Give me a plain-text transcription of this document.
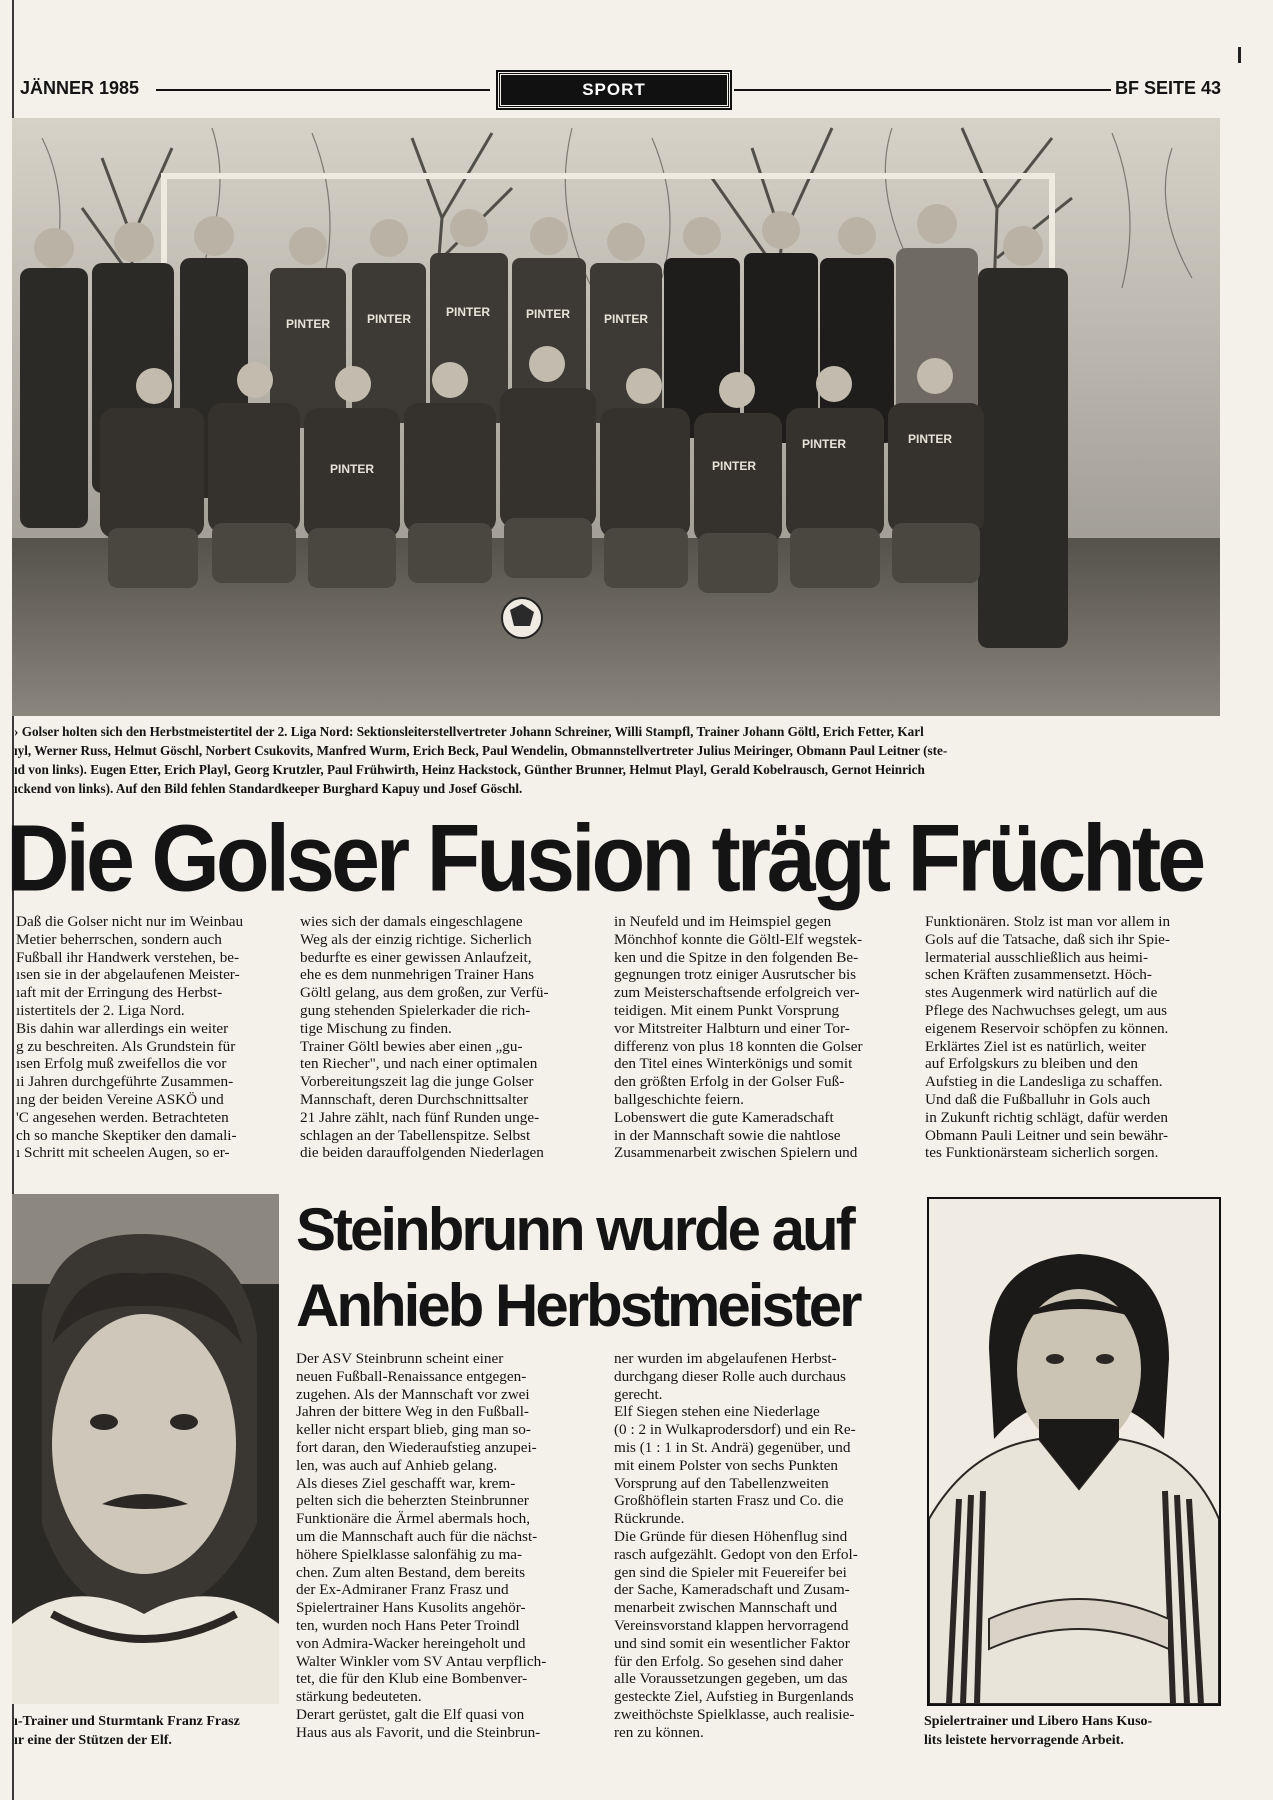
JÄNNER 1985	SPORT	BF SEITE 43
PINTER	PINTER	PINTER	PINTER	PINTER
PINTER	PINTER
PINTER	PINTER
› Golser holten sich den Herbstmeistertitel der 2. Liga Nord: Sektionsleiterstellvertreter Johann Schreiner, Willi Stampfl, Trainer Johann Göltl, Erich Fetter, Karl
ıyl, Werner Russ, Helmut Göschl, Norbert Csukovits, Manfred Wurm, Erich Beck, Paul Wendelin, Obmannstellvertreter Julius Meiringer, Obmann Paul Leitner (ste-
ıd von links). Eugen Etter, Erich Playl, Georg Krutzler, Paul Frühwirth, Heinz Hackstock, Günther Brunner, Helmut Playl, Gerald Kobelrausch, Gernot Heinrich
ıckend von links). Auf den Bild fehlen Standardkeeper Burghard Kapuy und Josef Göschl.
Die Golser Fusion trägt Früchte
Daß die Golser nicht nur im Weinbau
Metier beherrschen, sondern auch
Fußball ihr Handwerk verstehen, be-
ısen sie in der abgelaufenen Meister-
ıaft mit der Erringung des Herbst-
ıistertitels der 2. Liga Nord.
Bis dahin war allerdings ein weiter
g zu beschreiten. Als Grundstein für
ısen Erfolg muß zweifellos die vor
ıi Jahren durchgeführte Zusammen-
ıng der beiden Vereine ASKÖ und
'C angesehen werden. Betrachteten
ch so manche Skeptiker den damali-
ı Schritt mit scheelen Augen, so er-
wies sich der damals eingeschlagene
Weg als der einzig richtige. Sicherlich
bedurfte es einer gewissen Anlaufzeit,
ehe es dem nunmehrigen Trainer Hans
Göltl gelang, aus dem großen, zur Verfü-
gung stehenden Spielerkader die rich-
tige Mischung zu finden.
Trainer Göltl bewies aber einen „gu-
ten Riecher", und nach einer optimalen
Vorbereitungszeit lag die junge Golser
Mannschaft, deren Durchschnittsalter
21 Jahre zählt, nach fünf Runden unge-
schlagen an der Tabellenspitze. Selbst
die beiden darauffolgenden Niederlagen
in Neufeld und im Heimspiel gegen
Mönchhof konnte die Göltl-Elf wegstek-
ken und die Spitze in den folgenden Be-
gegnungen trotz einiger Ausrutscher bis
zum Meisterschaftsende erfolgreich ver-
teidigen. Mit einem Punkt Vorsprung
vor Mitstreiter Halbturn und einer Tor-
differenz von plus 18 konnten die Golser
den Titel eines Winterkönigs und somit
den größten Erfolg in der Golser Fuß-
ballgeschichte feiern.
Lobenswert die gute Kameradschaft
in der Mannschaft sowie die nahtlose
Zusammenarbeit zwischen Spielern und
Funktionären. Stolz ist man vor allem in
Gols auf die Tatsache, daß sich ihr Spie-
lermaterial ausschließlich aus heimi-
schen Kräften zusammensetzt. Höch-
stes Augenmerk wird natürlich auf die
Pflege des Nachwuchses gelegt, um aus
eigenem Reservoir schöpfen zu können.
Erklärtes Ziel ist es natürlich, weiter
auf Erfolgskurs zu bleiben und den
Aufstieg in die Landesliga zu schaffen.
Und daß die Fußballuhr in Gols auch
in Zukunft richtig schlägt, dafür werden
Obmann Pauli Leitner und sein bewähr-
tes Funktionärsteam sicherlich sorgen.
ı-Trainer und Sturmtank Franz Frasz
ır eine der Stützen der Elf.
Steinbrunn wurde auf
Anhieb Herbstmeister
Der ASV Steinbrunn scheint einer
neuen Fußball-Renaissance entgegen-
zugehen. Als der Mannschaft vor zwei
Jahren der bittere Weg in den Fußball-
keller nicht erspart blieb, ging man so-
fort daran, den Wiederaufstieg anzupei-
len, was auch auf Anhieb gelang.
Als dieses Ziel geschafft war, krem-
pelten sich die beherzten Steinbrunner
Funktionäre die Ärmel abermals hoch,
um die Mannschaft auch für die nächst-
höhere Spielklasse salonfähig zu ma-
chen. Zum alten Bestand, dem bereits
der Ex-Admiraner Franz Frasz und
Spielertrainer Hans Kusolits angehör-
ten, wurden noch Hans Peter Troindl
von Admira-Wacker hereingeholt und
Walter Winkler vom SV Antau verpflich-
tet, die für den Klub eine Bombenver-
stärkung bedeuteten.
Derart gerüstet, galt die Elf quasi von
Haus aus als Favorit, und die Steinbrun-
ner wurden im abgelaufenen Herbst-
durchgang dieser Rolle auch durchaus
gerecht.
Elf Siegen stehen eine Niederlage
(0 : 2 in Wulkaprodersdorf) und ein Re-
mis (1 : 1 in St. Andrä) gegenüber, und
mit einem Polster von sechs Punkten
Vorsprung auf den Tabellenzweiten
Großhöflein starten Frasz und Co. die
Rückrunde.
Die Gründe für diesen Höhenflug sind
rasch aufgezählt. Gedopt von den Erfol-
gen sind die Spieler mit Feuereifer bei
der Sache, Kameradschaft und Zusam-
menarbeit zwischen Mannschaft und
Vereinsvorstand klappen hervorragend
und sind somit ein wesentlicher Faktor
für den Erfolg. So gesehen sind daher
alle Voraussetzungen gegeben, um das
gesteckte Ziel, Aufstieg in Burgenlands
zweithöchste Spielklasse, auch realisie-
ren zu können.
Spielertrainer und Libero Hans Kuso-
lits leistete hervorragende Arbeit.
